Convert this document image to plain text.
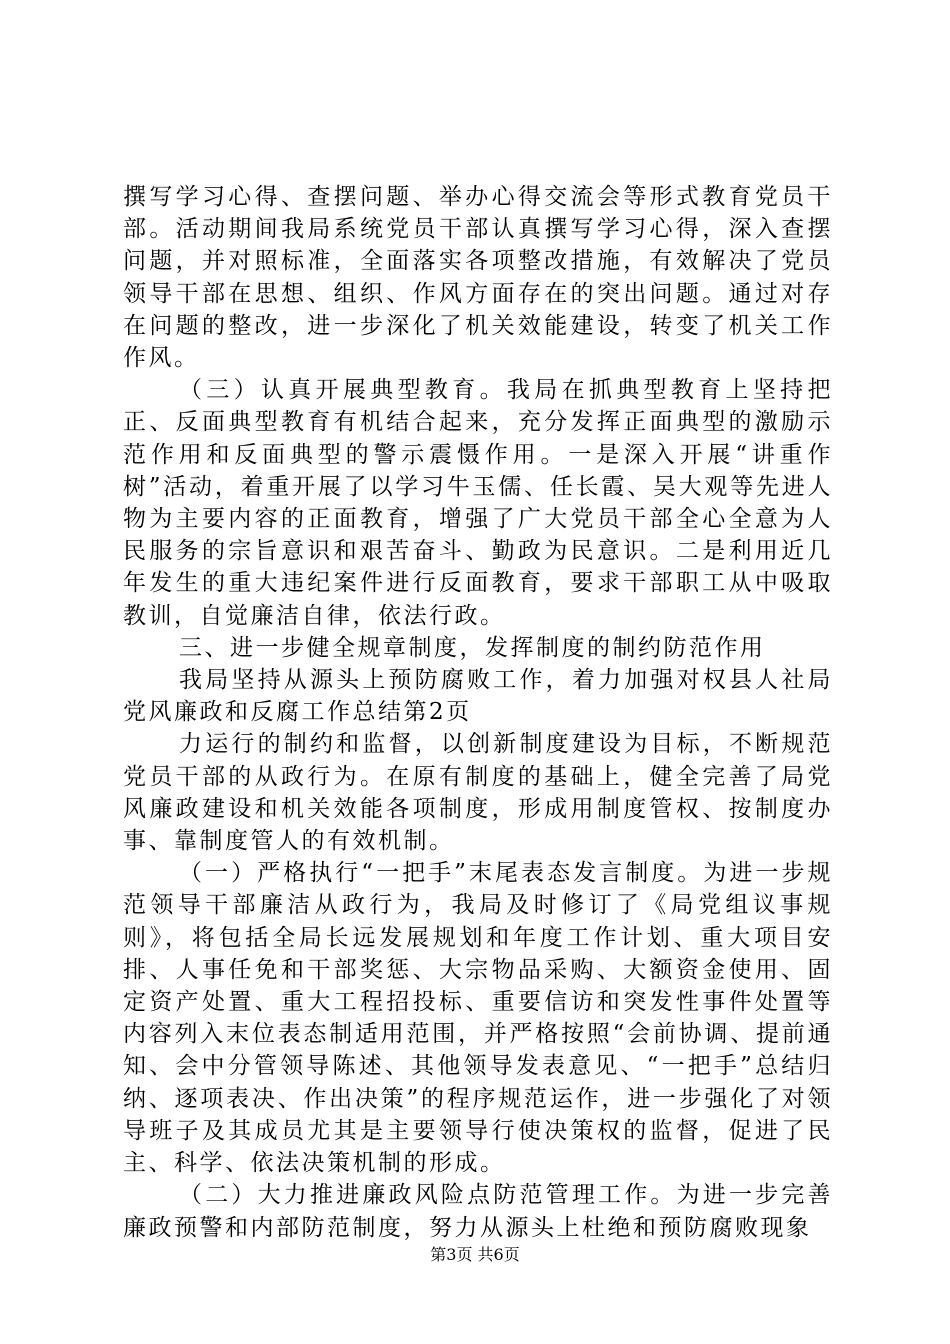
撰写学习心得、查摆问题、举办心得交流会等形式教育党员干部。活动期间我局系统党员干部认真撰写学习心得，深入查摆问题，并对照标准，全面落实各项整改措施，有效解决了党员领导干部在思想、组织、作风方面存在的突出问题。通过对存在问题的整改，进一步深化了机关效能建设，转变了机关工作作风。

（三）认真开展典型教育。我局在抓典型教育上坚持把正、反面典型教育有机结合起来，充分发挥正面典型的激励示范作用和反面典型的警示震慑作用。一是深入开展“讲重作树”活动，着重开展了以学习牛玉儒、任长霞、吴大观等先进人物为主要内容的正面教育，增强了广大党员干部全心全意为人民服务的宗旨意识和艰苦奋斗、勤政为民意识。二是利用近几年发生的重大违纪案件进行反面教育，要求干部职工从中吸取教训，自觉廉洁自律，依法行政。

三、进一步健全规章制度，发挥制度的制约防范作用

我局坚持从源头上预防腐败工作，着力加强对权县人社局党风廉政和反腐工作总结第2页

力运行的制约和监督，以创新制度建设为目标，不断规范党员干部的从政行为。在原有制度的基础上，健全完善了局党风廉政建设和机关效能各项制度，形成用制度管权、按制度办事、靠制度管人的有效机制。

（一）严格执行“一把手”末尾表态发言制度。为进一步规范领导干部廉洁从政行为，我局及时修订了《局党组议事规则》，将包括全局长远发展规划和年度工作计划、重大项目安排、人事任免和干部奖惩、大宗物品采购、大额资金使用、固定资产处置、重大工程招投标、重要信访和突发性事件处置等内容列入末位表态制适用范围，并严格按照“会前协调、提前通知、会中分管领导陈述、其他领导发表意见、“一把手”总结归纳、逐项表决、作出决策”的程序规范运作，进一步强化了对领导班子及其成员尤其是主要领导行使决策权的监督，促进了民主、科学、依法决策机制的形成。

（二）大力推进廉政风险点防范管理工作。为进一步完善廉政预警和内部防范制度，努力从源头上杜绝和预防腐败现象

第3页 共6页
